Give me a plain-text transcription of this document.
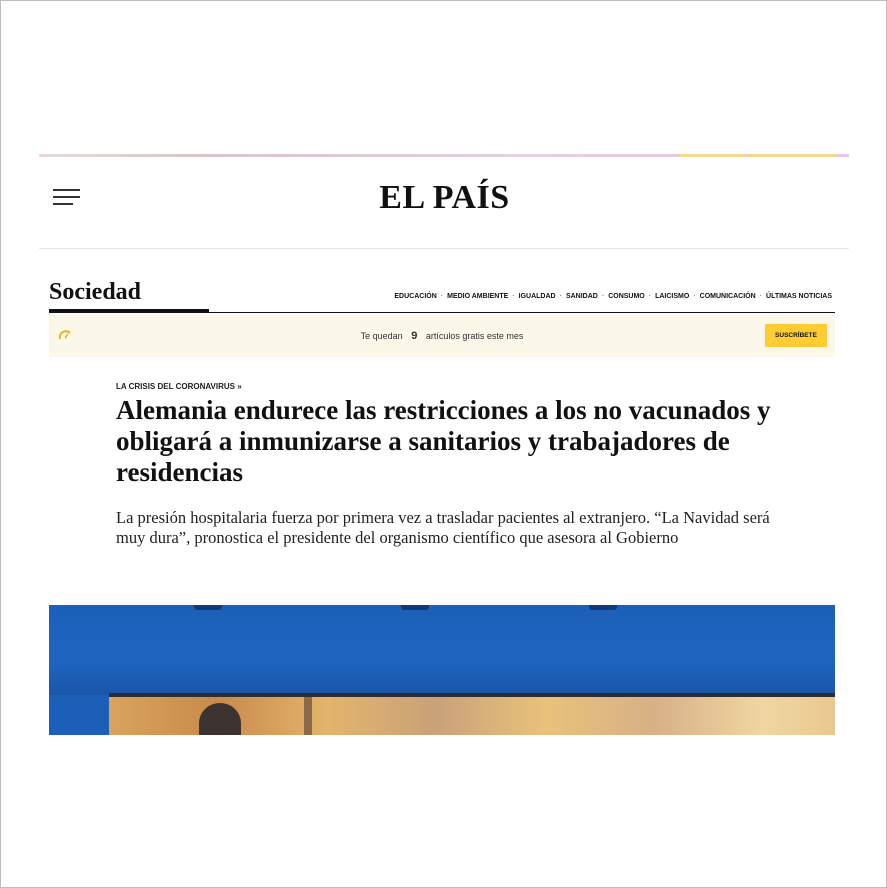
EL PAÍS
Sociedad	EDUCACIÓN · MEDIO AMBIENTE · IGUALDAD · SANIDAD · CONSUMO · LAICISMO · COMUNICACIÓN · ÚLTIMAS NOTICIAS
Te quedan 9 artículos gratis este mes	SUSCRÍBETE
LA CRISIS DEL CORONAVIRUS »
Alemania endurece las restricciones a los no vacunados y obligará a inmunizarse a sanitarios y trabajadores de residencias

La presión hospitalaria fuerza por primera vez a trasladar pacientes al extranjero. “La Navidad será muy dura”, pronostica el presidente del organismo científico que asesora al Gobierno
